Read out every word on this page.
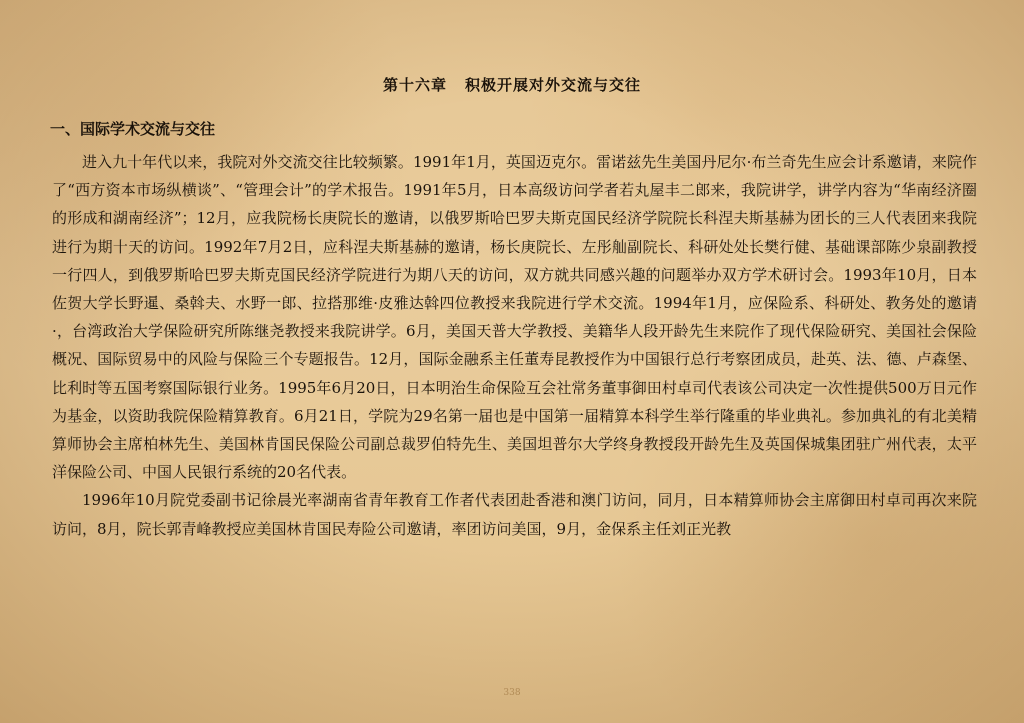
第十六章 积极开展对外交流与交往
一、国际学术交流与交往

进入九十年代以来，我院对外交流交往比较频繁。1991年1月，英国迈克尔。雷诺兹先生美国丹尼尔·布兰奇先生应会计系邀请，来院作了“西方资本市场纵横谈”、“管理会计”的学术报告。1991年5月，日本高级访问学者若丸屋丰二郎来，我院讲学，讲学内容为“华南经济圈的形成和湖南经济”；12月，应我院杨长庚院长的邀请，以俄罗斯哈巴罗夫斯克国民经济学院院长科涅夫斯基赫为团长的三人代表团来我院进行为期十天的访问。1992年7月2日，应科涅夫斯基赫的邀请，杨长庚院长、左彤舢副院长、科研处处长樊行健、基础课部陈少泉副教授一行四人，到俄罗斯哈巴罗夫斯克国民经济学院进行为期八天的访问，双方就共同感兴趣的问题举办双方学术研讨会。1993年10月，日本佐贺大学长野暹、桑斡夫、水野一郎、拉搭那维·皮雅达斡四位教授来我院进行学术交流。1994年1月，应保险系、科研处、教务处的邀请·，台湾政治大学保险研究所陈继尧教授来我院讲学。6月，美国天普大学教授、美籍华人段开龄先生来院作了现代保险研究、美国社会保险概况、国际贸易中的风险与保险三个专题报告。12月，国际金融系主任董寿昆教授作为中国银行总行考察团成员，赴英、法、德、卢森堡、比利时等五国考察国际银行业务。1995年6月20日，日本明治生命保险互会社常务董事御田村卓司代表该公司决定一次性提供500万日元作为基金，以资助我院保险精算教育。6月21日，学院为29名第一届也是中国第一届精算本科学生举行隆重的毕业典礼。参加典礼的有北美精算师协会主席柏林先生、美国林肯国民保险公司副总裁罗伯特先生、美国坦普尔大学终身教授段开龄先生及英国保城集团驻广州代表，太平洋保险公司、中国人民银行系统的20名代表。

1996年10月院党委副书记徐晨光率湖南省青年教育工作者代表团赴香港和澳门访问，同月，日本精算师协会主席御田村卓司再次来院访问，8月，院长郭青峰教授应美国林肯国民寿险公司邀请，率团访问美国，9月，金保系主任刘正光教

338
